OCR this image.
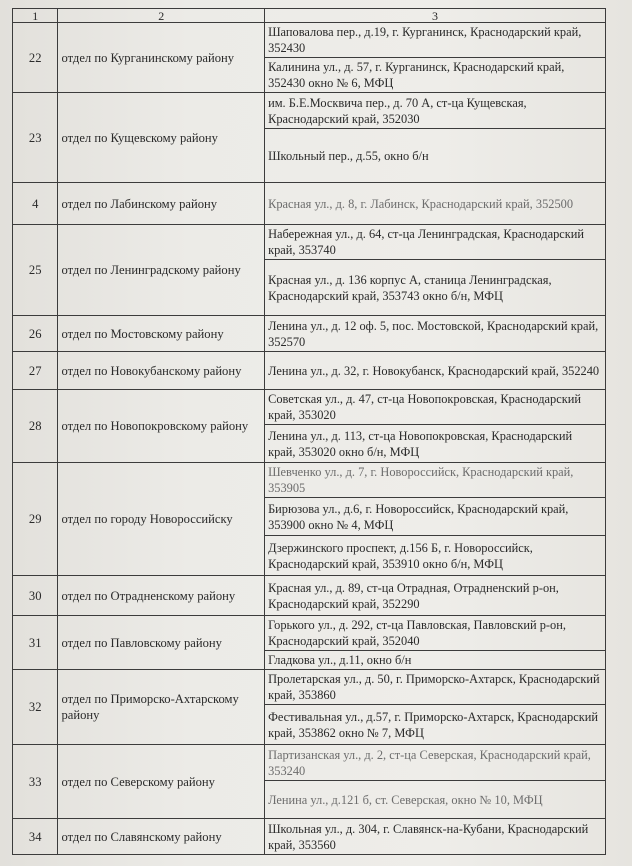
1	2	3
22	отдел по Курганинскому району	Шаповалова пер., д.19, г. Курганинск, Краснодарский край, 352430
		Калинина ул., д. 57, г. Курганинск, Краснодарский край, 352430 окно № 6, МФЦ
23	отдел по Кущевскому району	им. Б.Е.Москвича пер., д. 70 А, ст-ца Кущевская, Краснодарский край, 352030
		Школьный пер., д.55, окно б/н
4	отдел по Лабинскому району	Красная ул., д. 8, г. Лабинск, Краснодарский край, 352500
25	отдел по Ленинградскому району	Набережная ул., д. 64, ст-ца Ленинградская, Краснодарский край, 353740
		Красная ул., д. 136 корпус А, станица Ленинградская, Краснодарский край, 353743 окно б/н, МФЦ
26	отдел по Мостовскому району	Ленина ул., д. 12 оф. 5, пос. Мостовской, Краснодарский край, 352570
27	отдел по Новокубанскому району	Ленина ул., д. 32, г. Новокубанск, Краснодарский край, 352240
28	отдел по Новопокровскому району	Советская ул., д. 47, ст-ца Новопокровская, Краснодарский край, 353020
		Ленина ул., д. 113, ст-ца Новопокровская, Краснодарский край, 353020 окно б/н, МФЦ
29	отдел по городу Новороссийску	Шевченко ул., д. 7, г. Новороссийск, Краснодарский край, 353905
		Бирюзова ул., д.6, г. Новороссийск, Краснодарский край, 353900 окно № 4, МФЦ
		Дзержинского проспект, д.156 Б, г. Новороссийск, Краснодарский край, 353910 окно б/н, МФЦ
30	отдел по Отрадненскому району	Красная ул., д. 89, ст-ца Отрадная, Отрадненский р-он, Краснодарский край, 352290
31	отдел по Павловскому району	Горького ул., д. 292, ст-ца Павловская, Павловский р-он, Краснодарский край, 352040
		Гладкова ул., д.11, окно б/н
32	отдел по Приморско-Ахтарскому району	Пролетарская ул., д. 50, г. Приморско-Ахтарск, Краснодарский край, 353860
		Фестивальная ул., д.57, г. Приморско-Ахтарск, Краснодарский край, 353862 окно № 7, МФЦ
33	отдел по Северскому району	Партизанская ул., д. 2, ст-ца Северская, Краснодарский край, 353240
		Ленина ул., д.121 б, ст. Северская, окно № 10, МФЦ
34	отдел по Славянскому району	Школьная ул., д. 304, г. Славянск-на-Кубани, Краснодарский край, 353560
